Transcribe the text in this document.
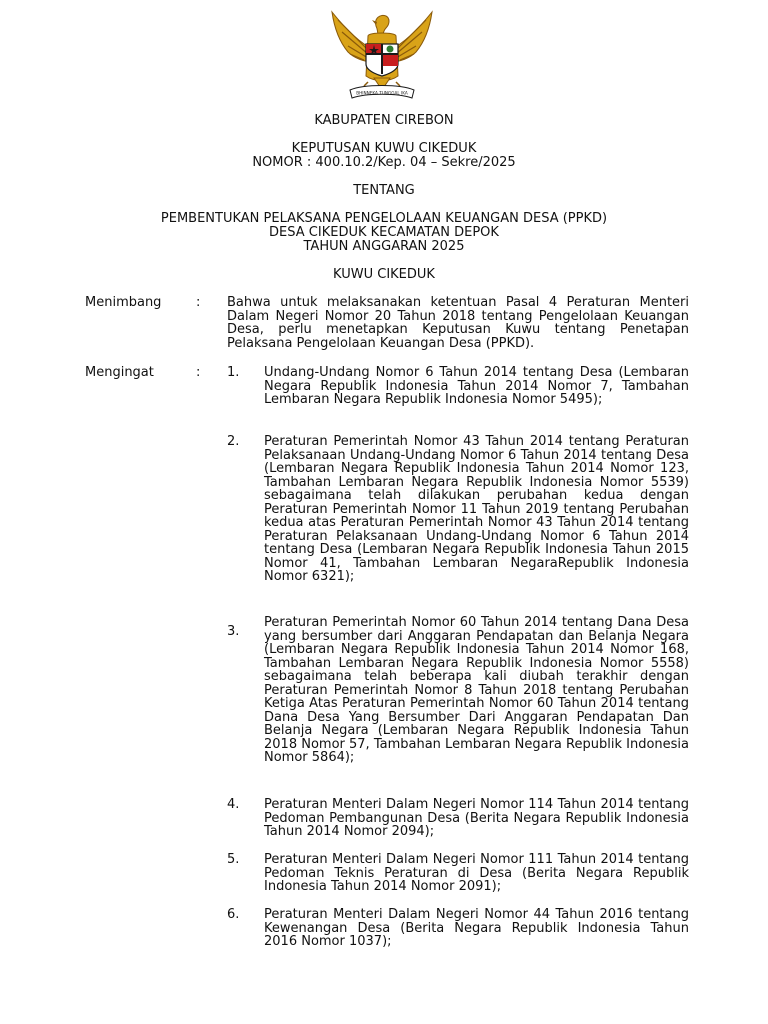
BHINNEKA TUNGGAL IKA
KABUPATEN CIREBON
KEPUTUSAN KUWU CIKEDUK
NOMOR : 400.10.2/Kep. 04 – Sekre/2025
TENTANG
PEMBENTUKAN PELAKSANA PENGELOLAAN KEUANGAN DESA (PPKD)
DESA CIKEDUK KECAMATAN DEPOK
TAHUN ANGGARAN 2025
KUWU CIKEDUK
Menimbang	: Bahwa untuk melaksanakan ketentuan Pasal 4 Peraturan Menteri Dalam Negeri Nomor 20 Tahun 2018 tentang Pengelolaan Keuangan Desa, perlu menetapkan Keputusan Kuwu tentang Penetapan Pelaksana Pengelolaan Keuangan Desa (PPKD).
Mengingat	: 1. Undang-Undang Nomor 6 Tahun 2014 tentang Desa (Lembaran Negara Republik Indonesia Tahun 2014 Nomor 7, Tambahan Lembaran Negara Republik Indonesia Nomor 5495);
2. Peraturan Pemerintah Nomor 43 Tahun 2014 tentang Peraturan Pelaksanaan Undang-Undang Nomor 6 Tahun 2014 tentang Desa (Lembaran Negara Republik Indonesia Tahun 2014 Nomor 123, Tambahan Lembaran Negara Republik Indonesia Nomor 5539) sebagaimana telah dilakukan perubahan kedua dengan Peraturan Pemerintah Nomor 11 Tahun 2019 tentang Perubahan kedua atas Peraturan Pemerintah Nomor 43 Tahun 2014 tentang Peraturan Pelaksanaan Undang-Undang Nomor 6 Tahun 2014 tentang Desa (Lembaran Negara Republik Indonesia Tahun 2015 Nomor 41, Tambahan Lembaran NegaraRepublik Indonesia Nomor 6321);
3.
Peraturan Pemerintah Nomor 60 Tahun 2014 tentang Dana Desa yang bersumber dari Anggaran Pendapatan dan Belanja Negara (Lembaran Negara Republik Indonesia Tahun 2014 Nomor 168, Tambahan Lembaran Negara Republik Indonesia Nomor 5558) sebagaimana telah beberapa kali diubah terakhir dengan Peraturan Pemerintah Nomor 8 Tahun 2018 tentang Perubahan Ketiga Atas Peraturan Pemerintah Nomor 60 Tahun 2014 tentang Dana Desa Yang Bersumber Dari Anggaran Pendapatan Dan Belanja Negara (Lembaran Negara Republik Indonesia Tahun 2018 Nomor 57, Tambahan Lembaran Negara Republik Indonesia Nomor 5864);
4. Peraturan Menteri Dalam Negeri Nomor 114 Tahun 2014 tentang Pedoman Pembangunan Desa (Berita Negara Republik Indonesia Tahun 2014 Nomor 2094);
5. Peraturan Menteri Dalam Negeri Nomor 111 Tahun 2014 tentang Pedoman Teknis Peraturan di Desa (Berita Negara Republik Indonesia Tahun 2014 Nomor 2091);
6. Peraturan Menteri Dalam Negeri Nomor 44 Tahun 2016 tentang Kewenangan Desa (Berita Negara Republik Indonesia Tahun 2016 Nomor 1037);
